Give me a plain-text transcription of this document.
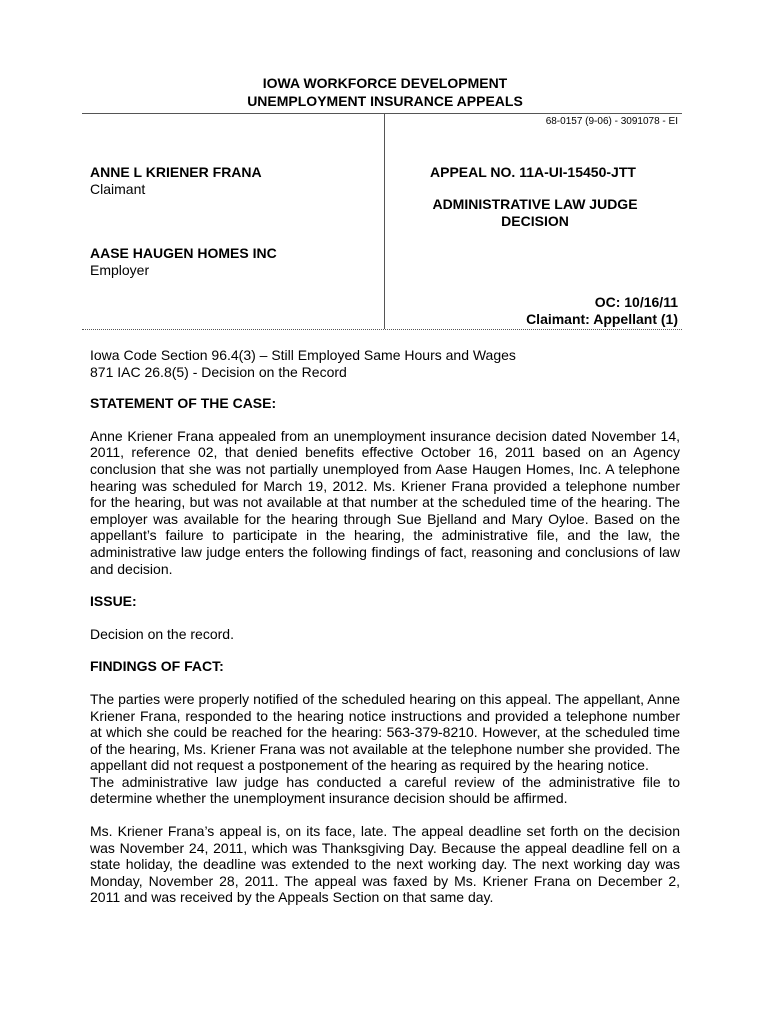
IOWA WORKFORCE DEVELOPMENT
UNEMPLOYMENT INSURANCE APPEALS
68-0157 (9-06) - 3091078 - EI
ANNE L KRIENER FRANA
Claimant
AASE HAUGEN HOMES INC
Employer
APPEAL NO. 11A-UI-15450-JTT
ADMINISTRATIVE LAW JUDGE
DECISION
OC: 10/16/11
Claimant: Appellant (1)

Iowa Code Section 96.4(3) – Still Employed Same Hours and Wages
871 IAC 26.8(5) - Decision on the Record

STATEMENT OF THE CASE:

Anne Kriener Frana appealed from an unemployment insurance decision dated November 14, 2011, reference 02, that denied benefits effective October 16, 2011 based on an Agency conclusion that she was not partially unemployed from Aase Haugen Homes, Inc. A telephone hearing was scheduled for March 19, 2012. Ms. Kriener Frana provided a telephone number for the hearing, but was not available at that number at the scheduled time of the hearing. The employer was available for the hearing through Sue Bjelland and Mary Oyloe. Based on the appellant’s failure to participate in the hearing, the administrative file, and the law, the administrative law judge enters the following findings of fact, reasoning and conclusions of law and decision.

ISSUE:

Decision on the record.

FINDINGS OF FACT:

The parties were properly notified of the scheduled hearing on this appeal. The appellant, Anne Kriener Frana, responded to the hearing notice instructions and provided a telephone number at which she could be reached for the hearing: 563-379-8210. However, at the scheduled time of the hearing, Ms. Kriener Frana was not available at the telephone number she provided. The appellant did not request a postponement of the hearing as required by the hearing notice.

The administrative law judge has conducted a careful review of the administrative file to determine whether the unemployment insurance decision should be affirmed.

Ms. Kriener Frana’s appeal is, on its face, late. The appeal deadline set forth on the decision was November 24, 2011, which was Thanksgiving Day. Because the appeal deadline fell on a state holiday, the deadline was extended to the next working day. The next working day was Monday, November 28, 2011. The appeal was faxed by Ms. Kriener Frana on December 2, 2011 and was received by the Appeals Section on that same day.
